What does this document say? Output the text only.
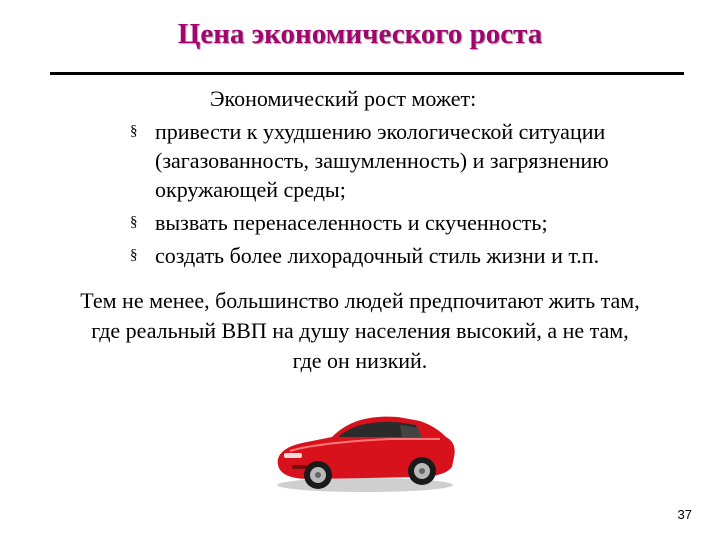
Цена экономического роста
Экономический рост может:
§ привести к ухудшению экологической ситуации (загазованность, зашумленность) и загрязнению окружающей среды;
§ вызвать перенаселенность и скученность;
§ создать более лихорадочный стиль жизни и т.п.
Тем не менее, большинство людей предпочитают жить там, где реальный ВВП на душу населения высокий, а не там, где он низкий.
37
